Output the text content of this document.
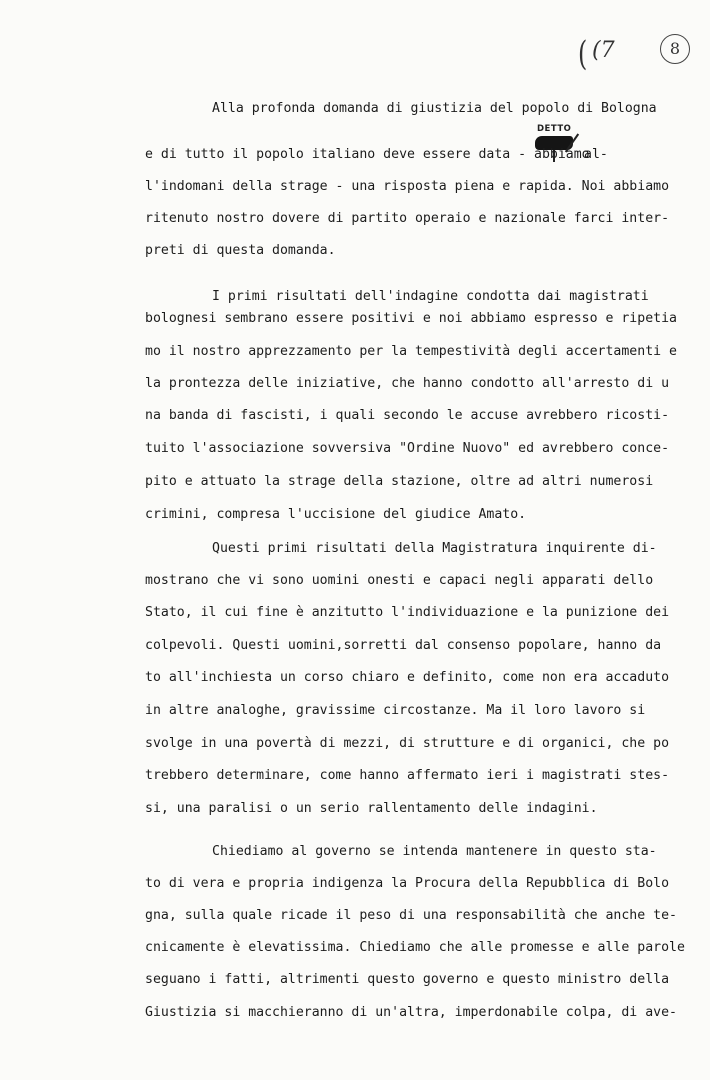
( (7	8
DETTO
Alla profonda domanda di giustizia del popolo di Bologna
e di tutto il popolo italiano deve essere data - abbiamo
al-
l'indomani della strage - una risposta piena e rapida. Noi abbiamo
ritenuto nostro dovere di partito operaio e nazionale farci inter-
preti di questa domanda.
I primi risultati dell'indagine condotta dai magistrati
bolognesi sembrano essere positivi e noi abbiamo espresso e ripetia
mo il nostro apprezzamento per la tempestività degli accertamenti e
la prontezza delle iniziative, che hanno condotto all'arresto di u
na banda di fascisti, i quali secondo le accuse avrebbero ricosti-
tuito l'associazione sovversiva "Ordine Nuovo" ed avrebbero conce-
pito e attuato la strage della stazione, oltre ad altri numerosi
crimini, compresa l'uccisione del giudice Amato.
Questi primi risultati della Magistratura inquirente di-
mostrano che vi sono uomini onesti e capaci negli apparati dello
Stato, il cui fine è anzitutto l'individuazione e la punizione dei
colpevoli. Questi uomini,sorretti dal consenso popolare, hanno da
to all'inchiesta un corso chiaro e definito, come non era accaduto
in altre analoghe, gravissime circostanze. Ma il loro lavoro si
svolge in una povertà di mezzi, di strutture e di organici, che po
trebbero determinare, come hanno affermato ieri i magistrati stes-
si, una paralisi o un serio rallentamento delle indagini.
Chiediamo al governo se intenda mantenere in questo sta-
to di vera e propria indigenza la Procura della Repubblica di Bolo
gna, sulla quale ricade il peso di una responsabilità che anche te-
cnicamente è elevatissima. Chiediamo che alle promesse e alle parole
seguano i fatti, altrimenti questo governo e questo ministro della
Giustizia si macchieranno di un'altra, imperdonabile colpa, di ave-
